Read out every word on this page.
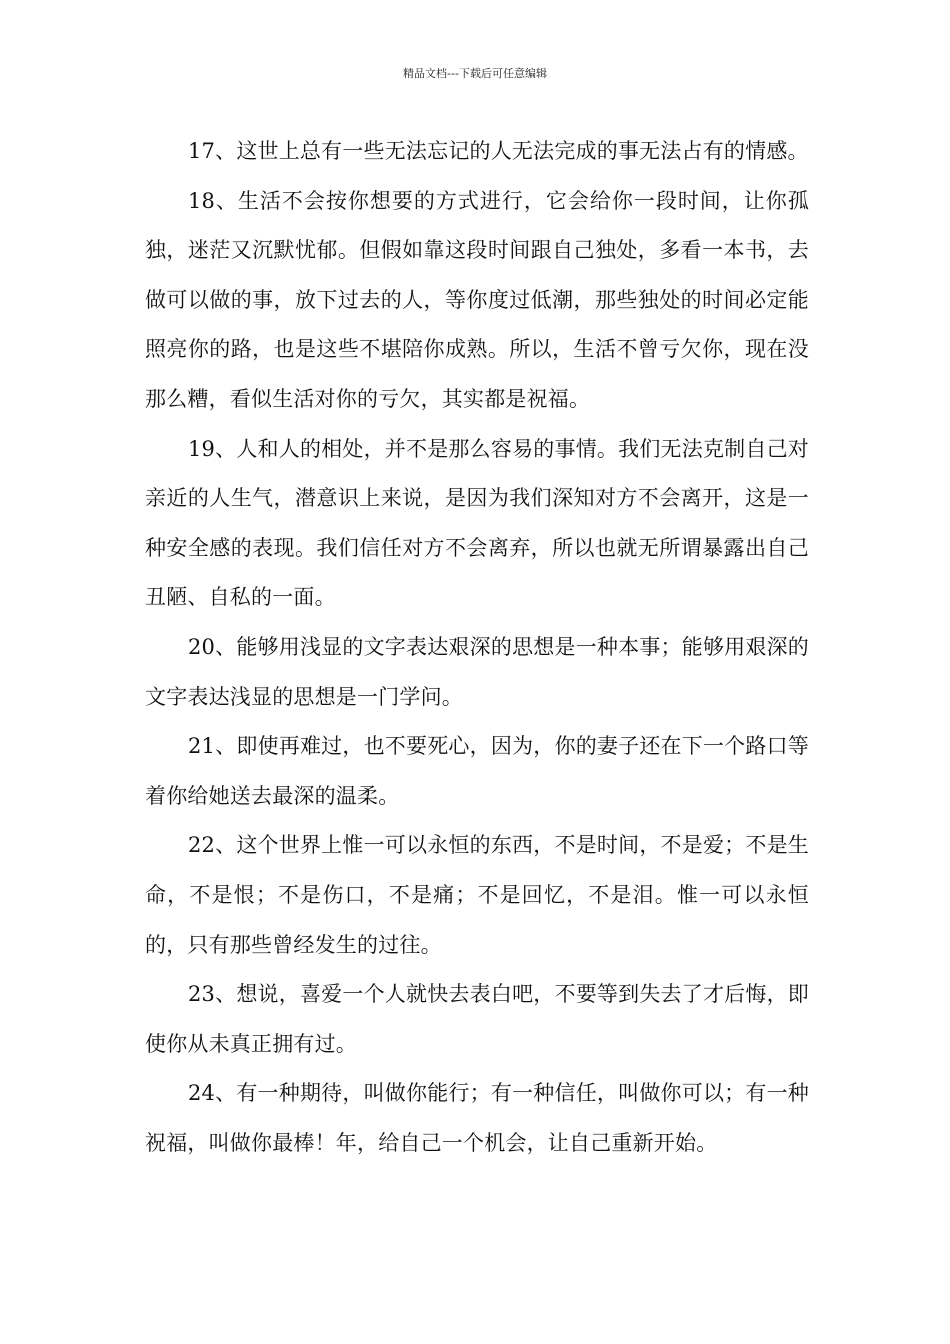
精品文档---下载后可任意编辑

17、这世上总有一些无法忘记的人无法完成的事无法占有的情感。

18、生活不会按你想要的方式进行，它会给你一段时间，让你孤独，迷茫又沉默忧郁。但假如靠这段时间跟自己独处，多看一本书，去做可以做的事，放下过去的人，等你度过低潮，那些独处的时间必定能照亮你的路，也是这些不堪陪你成熟。所以，生活不曾亏欠你，现在没那么糟，看似生活对你的亏欠，其实都是祝福。

19、人和人的相处，并不是那么容易的事情。我们无法克制自己对亲近的人生气，潜意识上来说，是因为我们深知对方不会离开，这是一种安全感的表现。我们信任对方不会离弃，所以也就无所谓暴露出自己丑陋、自私的一面。

20、能够用浅显的文字表达艰深的思想是一种本事；能够用艰深的文字表达浅显的思想是一门学问。

21、即使再难过，也不要死心，因为，你的妻子还在下一个路口等着你给她送去最深的温柔。

22、这个世界上惟一可以永恒的东西，不是时间，不是爱；不是生命，不是恨；不是伤口，不是痛；不是回忆，不是泪。惟一可以永恒的，只有那些曾经发生的过往。

23、想说，喜爱一个人就快去表白吧，不要等到失去了才后悔，即使你从未真正拥有过。

24、有一种期待，叫做你能行；有一种信任，叫做你可以；有一种祝福，叫做你最棒！年，给自己一个机会，让自己重新开始。
